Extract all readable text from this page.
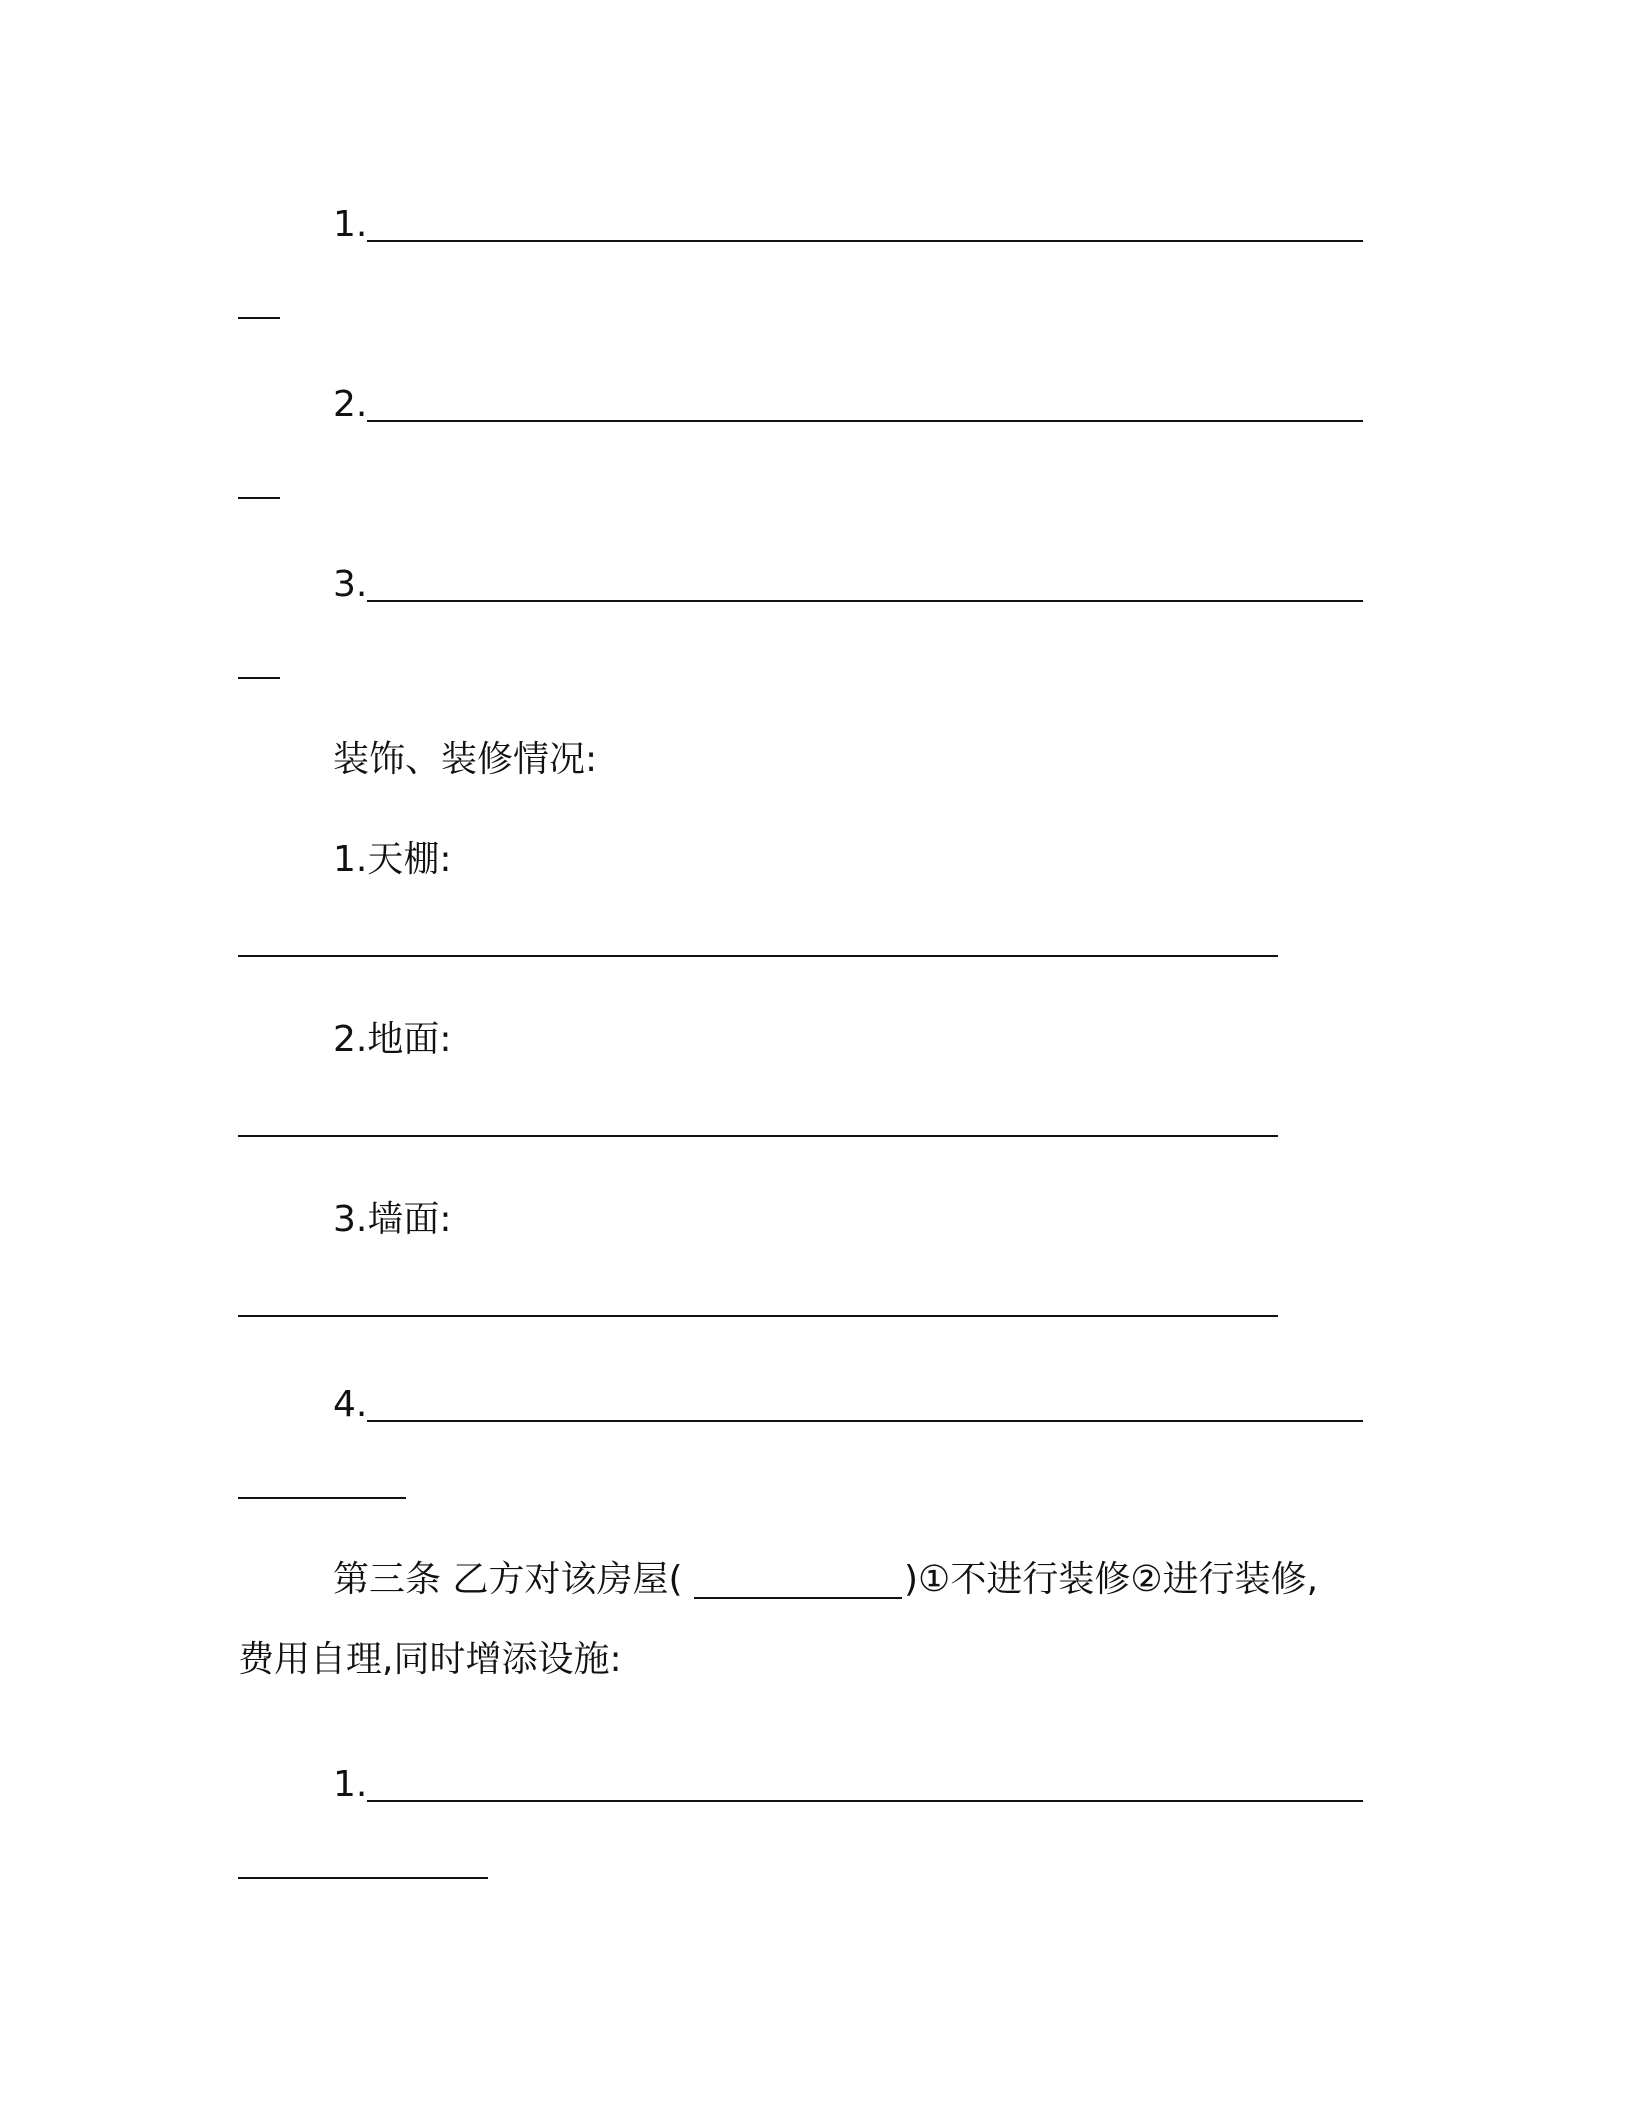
1.
2.
3.
装饰、装修情况:
1.天棚:
2.地面:
3.墙面:
4.
第三条 乙方对该房屋(	)①不进行装修②进行装修,
费用自理,同时增添设施:
1.
